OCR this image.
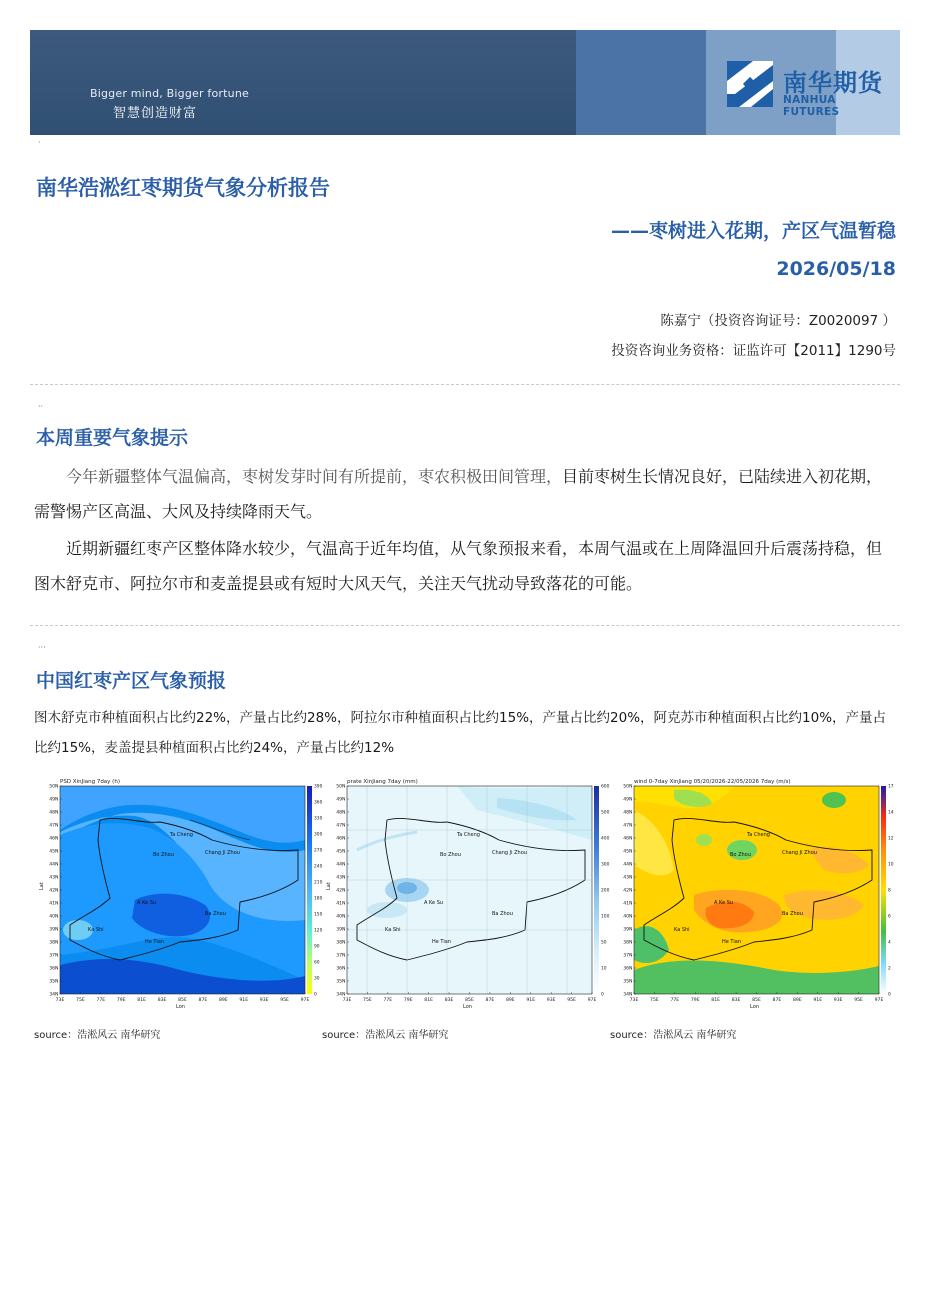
Bigger mind, Bigger fortune
智慧创造财富
南华期货
NANHUA FUTURES
·
南华浩淞红枣期货气象分析报告
——枣树进入花期，产区气温暂稳
2026/05/18
陈嘉宁（投资咨询证号：Z0020097 ）
投资咨询业务资格：证监许可【2011】1290号
··
本周重要气象提示
今年新疆整体气温偏高，枣树发芽时间有所提前，枣农积极田间管理，目前枣树生长情况良好，已陆续进入初花期，需警惕产区高温、大风及持续降雨天气。
近期新疆红枣产区整体降水较少，气温高于近年均值，从气象预报来看，本周气温或在上周降温回升后震荡持稳，但图木舒克市、阿拉尔市和麦盖提县或有短时大风天气，关注天气扰动导致落花的可能。
···
中国红枣产区气象预报
图木舒克市种植面积占比约22%，产量占比约28%，阿拉尔市种植面积占比约15%，产量占比约20%，阿克苏市种植面积占比约10%，产量占比约15%，麦盖提县种植面积占比约24%，产量占比约12%
PSD XinJiang 7day (h)
Ta Cheng
Bo Zhou	Chang Ji Zhou
A Ke Su
Ba Zhou
Ka Shi
He Tian
50N
49N
48N
47N
46N
45N
44N
43N
42N
41N
40N
39N
38N
37N
36N
35N
34N
73E	75E	77E	79E	81E	83E	85E	87E	89E	91E	93E	95E	97E
Lat
Lon
390
360
330
300
270
240
210
180
150
120
90
60
30
0
source：浩淞风云 南华研究
prate XinJiang 7day (mm)
Ta Cheng
Bo Zhou	Chang Ji Zhou
A Ke Su
Ba Zhou
Ka Shi
He Tian
50N
49N
48N
47N
46N
45N
44N
43N
42N
41N
40N
39N
38N
37N
36N
35N
34N
73E	75E	77E	79E	81E	83E	85E	87E	89E	91E	93E	95E	97E
Lat
Lon
600
500
400
300
200
100
50
10
0
source：浩淞风云 南华研究
wind 0-7day XinJiang 05/20/2026-22/05/2026 7day (m/s)
Ta Cheng
Bo Zhou	Chang Ji Zhou
A Ke Su
Ba Zhou
Ka Shi
He Tian
50N
49N
48N
47N
46N
45N
44N
43N
42N
41N
40N
39N
38N
37N
36N
35N
34N
73E	75E	77E	79E	81E	83E	85E	87E	89E	91E	93E	95E	97E
Lon
17
14
12
10
8
6
4
2
0
source：浩淞风云 南华研究
